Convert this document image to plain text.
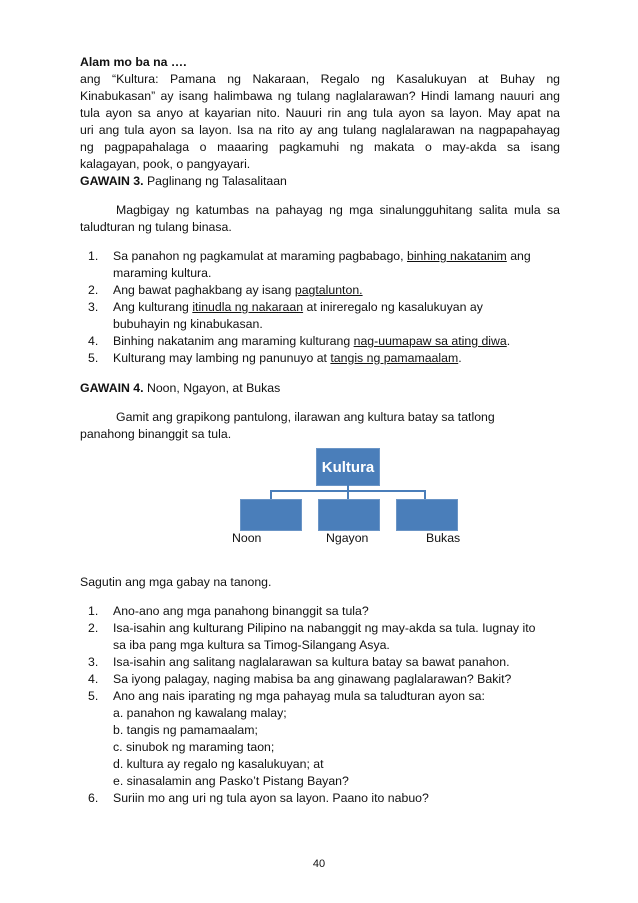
Alam mo ba na ….
ang “Kultura: Pamana ng Nakaraan, Regalo ng Kasalukuyan at Buhay ng
Kinabukasan” ay isang halimbawa ng tulang naglalarawan? Hindi lamang nauuri ang
tula ayon sa anyo at kayarian nito. Nauuri rin ang tula ayon sa layon. May apat na
uri ang tula ayon sa layon. Isa na rito ay ang tulang naglalarawan na nagpapahayag
ng pagpapahalaga o maaaring pagkamuhi ng makata o may-akda sa isang
kalagayan, pook, o pangyayari.
GAWAIN 3. Paglinang ng Talasalitaan
Magbigay ng katumbas na pahayag ng mga sinalungguhitang salita mula sa
taludturan ng tulang binasa.
1. Sa panahon ng pagkamulat at maraming pagbabago, binhing nakatanim ang
maraming kultura.
2. Ang bawat paghakbang ay isang pagtalunton.
3. Ang kulturang itinudla ng nakaraan at inireregalo ng kasalukuyan ay
bubuhayin ng kinabukasan.
4. Binhing nakatanim ang maraming kulturang nag-uumapaw sa ating diwa.
5. Kulturang may lambing ng panunuyo at tangis ng pamamaalam.
GAWAIN 4. Noon, Ngayon, at Bukas
Gamit ang grapikong pantulong, ilarawan ang kultura batay sa tatlong
panahong binanggit sa tula.
Kultura
Noon	Ngayon	Bukas
Sagutin ang mga gabay na tanong.
1. Ano-ano ang mga panahong binanggit sa tula?
2. Isa-isahin ang kulturang Pilipino na nabanggit ng may-akda sa tula. Iugnay ito
sa iba pang mga kultura sa Timog-Silangang Asya.
3. Isa-isahin ang salitang naglalarawan sa kultura batay sa bawat panahon.
4. Sa iyong palagay, naging mabisa ba ang ginawang paglalarawan? Bakit?
5. Ano ang nais iparating ng mga pahayag mula sa taludturan ayon sa:
a. panahon ng kawalang malay;
b. tangis ng pamamaalam;
c. sinubok ng maraming taon;
d. kultura ay regalo ng kasalukuyan; at
e. sinasalamin ang Pasko’t Pistang Bayan?
6. Suriin mo ang uri ng tula ayon sa layon. Paano ito nabuo?
40
